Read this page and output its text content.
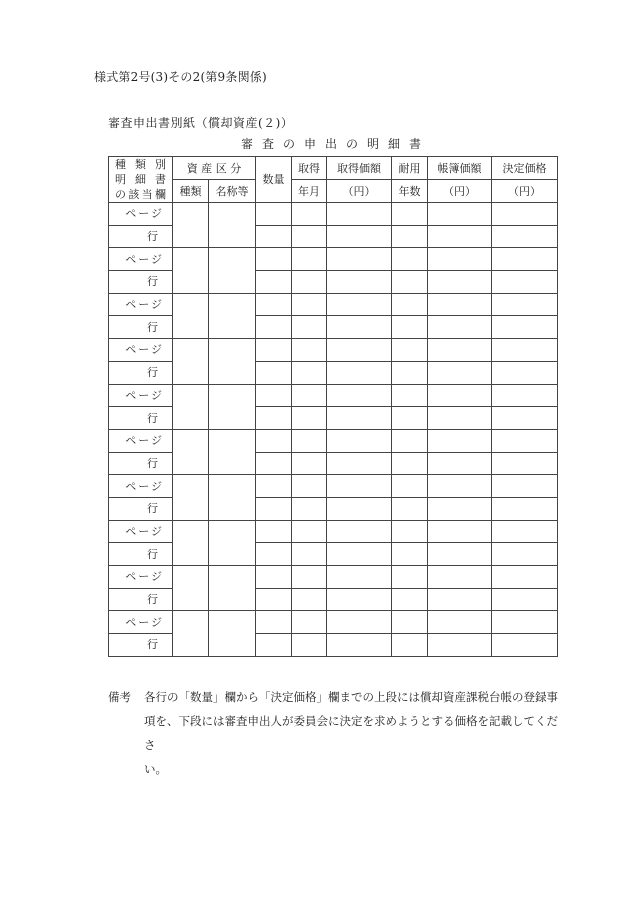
様式第2号(3)その2(第9条関係)
審査申出書別紙（償却資産(２)）
審査の申出の明細書
種 類 別
明 細 書
の該当欄	資 産 区 分		数量	取得	取得価額	耐用	帳簿価額	決定価格
	種類	名称等		年月	（円）	年数	（円）	（円）
ページ								
行								
ページ								
行								
ページ								
行								
ページ								
行								
ページ								
行								
ページ								
行								
ページ								
行								
ページ								
行								
ページ								
行								
ページ								
行								
備考 各行の「数量」欄から「決定価格」欄までの上段には償却資産課税台帳の登録事
項を、下段には審査申出人が委員会に決定を求めようとする価格を記載してくださ
い。
